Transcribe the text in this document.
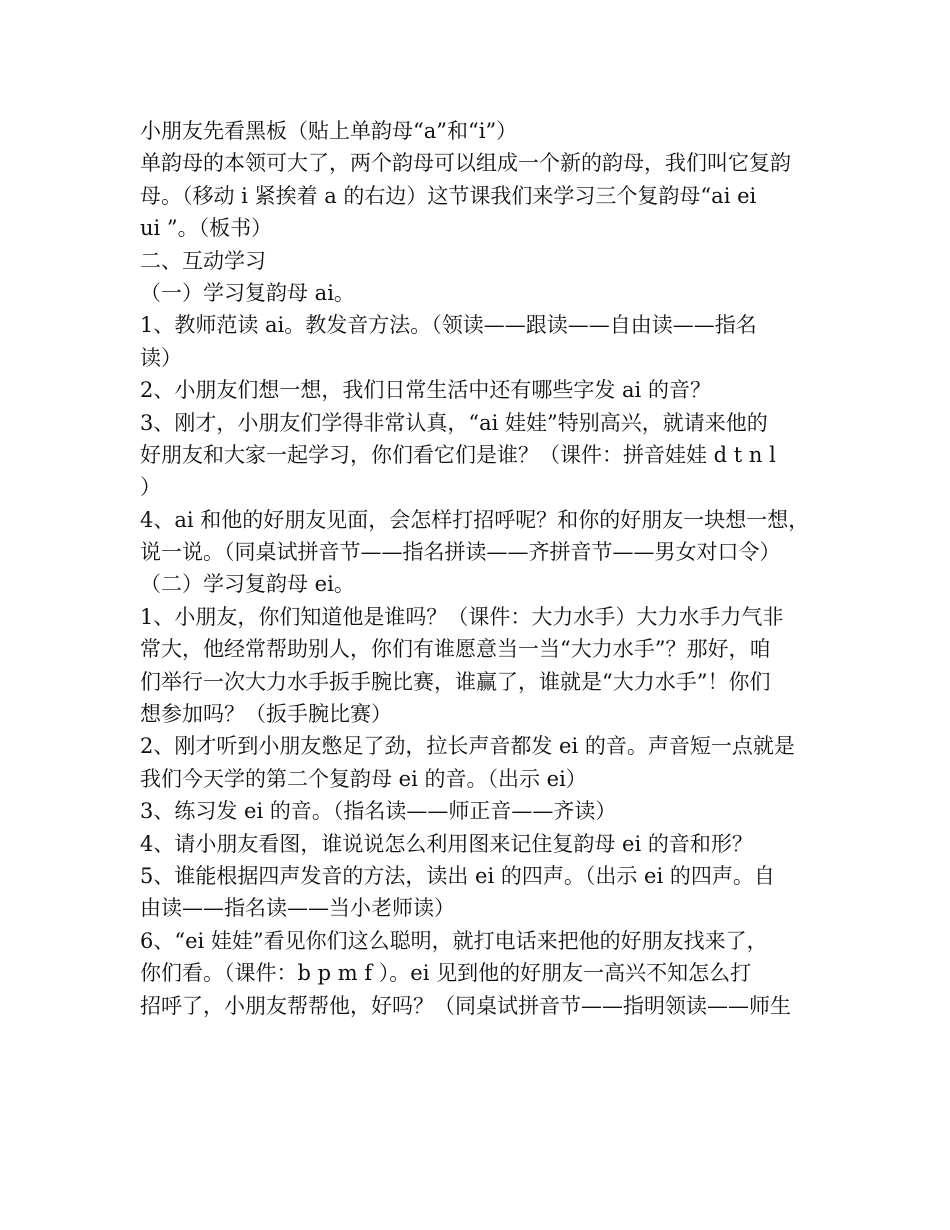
小朋友先看黑板（贴上单韵母“a”和“i”）
单韵母的本领可大了，两个韵母可以组成一个新的韵母，我们叫它复韵
母。（移动 i 紧挨着 a 的右边）这节课我们来学习三个复韵母“ai ei
ui ”。（板书）
二、互动学习
（一）学习复韵母 ai。
1、教师范读 ai。教发音方法。（领读——跟读——自由读——指名
读）
2、小朋友们想一想，我们日常生活中还有哪些字发 ai 的音？
3、刚才，小朋友们学得非常认真，“ai 娃娃”特别高兴，就请来他的
好朋友和大家一起学习，你们看它们是谁？（课件：拼音娃娃 d t n l
）
4、ai 和他的好朋友见面，会怎样打招呼呢？和你的好朋友一块想一想，
说一说。（同桌试拼音节——指名拼读——齐拼音节——男女对口令）
（二）学习复韵母 ei。
1、小朋友，你们知道他是谁吗？（课件：大力水手）大力水手力气非
常大，他经常帮助别人，你们有谁愿意当一当“大力水手”？那好，咱
们举行一次大力水手扳手腕比赛，谁赢了，谁就是“大力水手”！你们
想参加吗？（扳手腕比赛）
2、刚才听到小朋友憋足了劲，拉长声音都发 ei 的音。声音短一点就是
我们今天学的第二个复韵母 ei 的音。（出示 ei）
3、练习发 ei 的音。（指名读——师正音——齐读）
4、请小朋友看图，谁说说怎么利用图来记住复韵母 ei 的音和形？
5、谁能根据四声发音的方法，读出 ei 的四声。（出示 ei 的四声。自
由读——指名读——当小老师读）
6、“ei 娃娃”看见你们这么聪明，就打电话来把他的好朋友找来了，
你们看。（课件：b p m f ）。ei 见到他的好朋友一高兴不知怎么打
招呼了，小朋友帮帮他，好吗？（同桌试拼音节——指明领读——师生
